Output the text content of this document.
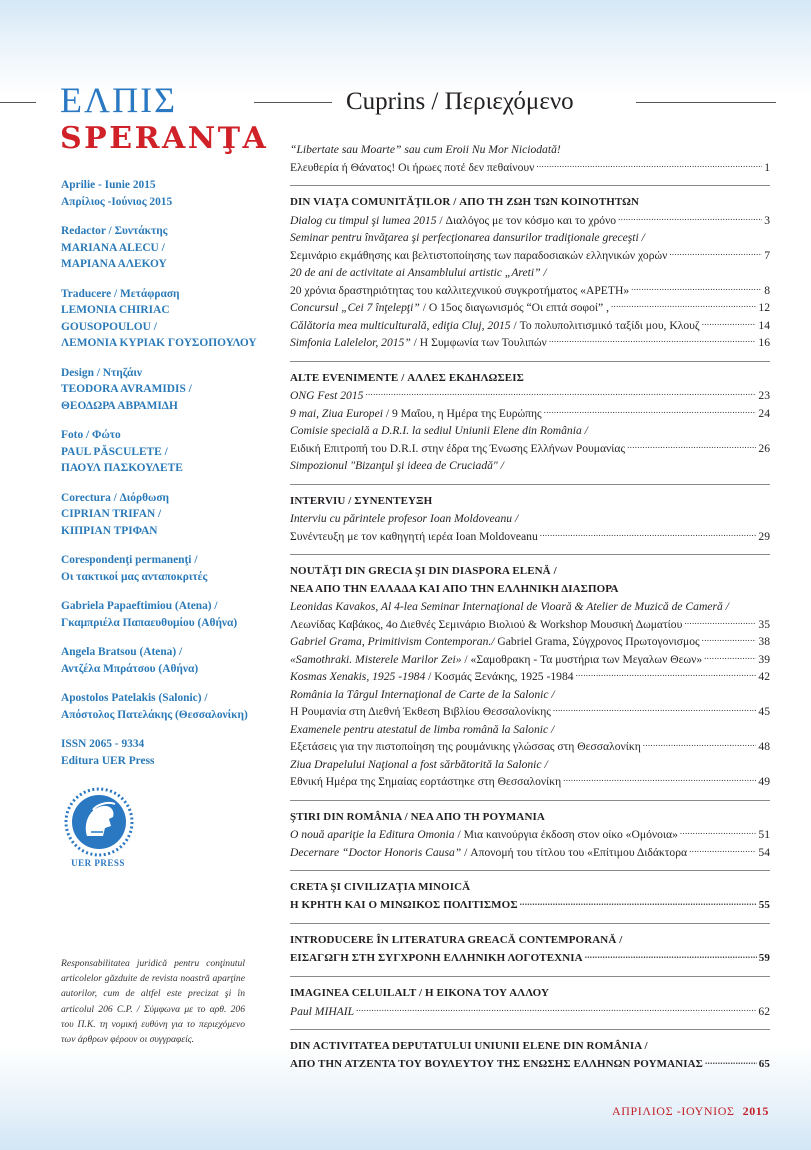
ΕΛΠΙΣ
SPERANŢA
Cuprins / Περιεχόμενο
Aprilie - Iunie 2015
Απρίλιος -Ιούνιος 2015
Redactor / Συντάκτης
MARIANA ALECU /
ΜΑΡΙΑΝΑ ΑΛΕΚΟΥ
Traducere / Μετάφραση
LEMONIA CHIRIAC GOUSOPOULOU /
ΛΕΜΟΝΙΑ ΚΥΡΙΑΚ ΓΟΥΣΟΠΟΥΛΟΥ
Design / Ντηζάιν
TEODORA AVRAMIDIS /
ΘΕΟΔΩΡΑ ΑΒΡΑΜΙΔΗ
Foto / Φώτο
PAUL PĂSCULETE /
ΠΑΟΥΛ ΠΑΣΚΟΥΛΕΤΕ
Corectura / Διόρθωση
CIPRIAN TRIFAN /
ΚΙΠΡΙΑΝ ΤΡΙΦΑΝ
Corespondenţi permanenţi /
Οι τακτικοί μας ανταποκριτές
Gabriela Papaeftimiou (Atena) /
Γκαμπριέλα Παπαευθυμίου (Αθήνα)
Angela Bratsou (Atena) /
Αντζέλα Μπράτσου (Αθήνα)
Apostolos Patelakis (Salonic) /
Απόστολος Πατελάκης (Θεσσαλονίκη)
ISSN 2065 - 9334
Editura UER Press
UER PRESS
Responsabilitatea juridică pentru conţinutul articolelor găzduite de revista noastră aparţine autorilor, cum de altfel este precizat şi în articolul 206 C.P. / Σύμφωνα με το αρθ. 206 του Π.Κ. τη νομική ευθύνη για το περιεχόμενο των άρθρων φέρουν οι συγγραφείς.
“Libertate sau Moarte” sau cum Eroii Nu Mor Niciodată!
Ελευθερία ή Θάνατος! Οι ήρωες ποτέ δεν πεθαίνουν .....	1
DIN VIAŢA COMUNITĂŢILOR / ΑΠΟ ΤΗ ΖΩΗ ΤΩΝ ΚΟΙΝΟΤΗΤΩΝ
Dialog cu timpul şi lumea 2015 / Διαλόγος με τον κόσμο και το χρόνο .....	3
Seminar pentru învăţarea şi perfecţionarea dansurilor tradiţionale greceşti /
Σεμινάριο εκμάθησης και βελτιστοποίησης των παραδοσιακών ελληνικών χορών .....	7
20 de ani de activitate ai Ansamblului artistic „Areti” /
20 χρόνια δραστηριότητας του καλλιτεχνικού συγκροτήματος «ΑΡΕΤΗ» .....	8
Concursul „Cei 7 înţelepţi” / Ο 15ος διαγωνισμός “Οι επτά σοφοί” , .....	12
Călătoria mea multiculturală, ediţia Cluj, 2015 / Το πολυπολιτισμικό ταξίδι μου, Κλουζ .....	14
Simfonia Lalelelor, 2015” / Η Συμφωνία των Τουλιπών .....	16
ALTE EVENIMENTE / ΑΛΛΕΣ ΕΚΔΗΛΩΣΕΙΣ
ONG Fest 2015 .....	23
9 mai, Ziua Europei / 9 Μαΐου, η Ημέρα της Ευρώπης .....	24
Comisie specială a D.R.I. la sediul Uniunii Elene din România /
Ειδική Επιτροπή του D.R.I. στην έδρα της Ένωσης Ελλήνων Ρουμανίας .....	26
Simpozionul "Bizanţul şi ideea de Cruciadă" /
INTERVIU / ΣΥΝΕΝΤΕΥΞΗ
Interviu cu părintele profesor Ioan Moldoveanu /
Συνέντευξη με τον καθηγητή ιερέα Ioan Moldoveanu .....	29
NOUTĂŢI DIN GRECIA ŞI DIN DIASPORA ELENĂ /
ΝΕΑ ΑΠΟ ΤΗΝ ΕΛΛΑΔΑ ΚΑΙ ΑΠΟ ΤΗΝ ΕΛΛΗΝΙΚΗ ΔΙΑΣΠΟΡΑ
Leonidas Kavakos, Al 4-lea Seminar Internaţional de Vioară & Atelier de Muzică de Cameră /
Λεωνίδας Καβάκος, 4ο Διεθνές Σεμινάριο Βιολιού & Workshop Μουσική Δωματίου .....	35
Gabriel Grama, Primitivism Contemporan./ Gabriel Grama, Σύγχρονος Πρωτογονισμος .....	38
«Samothraki. Misterele Marilor Zei» / «Σαμοθρακη - Τα μυστήρια των Μεγαλων Θεων» .....	39
Kosmas Xenakis, 1925 -1984 / Κοσμάς Ξενάκης, 1925 -1984 .....	42
România la Târgul Internaţional de Carte de la Salonic /
Η Ρουμανία στη Διεθνή Έκθεση Βιβλίου Θεσσαλονίκης .....	45
Examenele pentru atestatul de limba română la Salonic /
Εξετάσεις για την πιστοποίηση της ρουμάνικης γλώσσας στη Θεσσαλονίκη .....	48
Ziua Drapelului Naţional a fost sărbătorită la Salonic /
Εθνική Ημέρα της Σημαίας εορτάστηκε στη Θεσσαλονίκη .....	49
ŞTIRI DIN ROMÂNIA / ΝΕΑ ΑΠΟ ΤΗ ΡΟΥΜΑΝΙΑ
O nouă apariţie la Editura Omonia / Μια καινούργια έκδοση στον οίκο «Ομόνοια» .....	51
Decernare “Doctor Honoris Causa” / Απονομή του τίτλου του «Επίτιμου Διδάκτορα .....	54
CRETA ŞI CIVILIZAŢIA MINOICĂ
Η ΚΡΗΤΗ ΚΑΙ Ο ΜΙΝΩΙΚΟΣ ΠΟΛΙΤΙΣΜΟΣ .....	55
INTRODUCERE ÎN LITERATURA GREACĂ CONTEMPORANĂ /
ΕΙΣΑΓΩΓΗ ΣΤΗ ΣΥΓΧΡΟΝΗ ΕΛΛΗΝΙΚΗ ΛΟΓΟΤΕΧΝΙΑ .....	59
IMAGINEA CELUILALT / Η ΕΙΚΟΝΑ ΤΟΥ ΑΛΛΟΥ
Paul MIHAIL .....	62
DIN ACTIVITATEA DEPUTATULUI UNIUNII ELENE DIN ROMÂNIA /
ΑΠΟ ΤΗΝ ΑΤΖΕΝΤΑ ΤΟΥ ΒΟΥΛΕΥΤΟΥ ΤΗΣ ΕΝΩΣΗΣ ΕΛΛΗΝΩΝ ΡΟΥΜΑΝΙΑΣ .....	65
ΑΠΡΙΛΙΟΣ -ΙΟΥΝΙΟΣ 2015
